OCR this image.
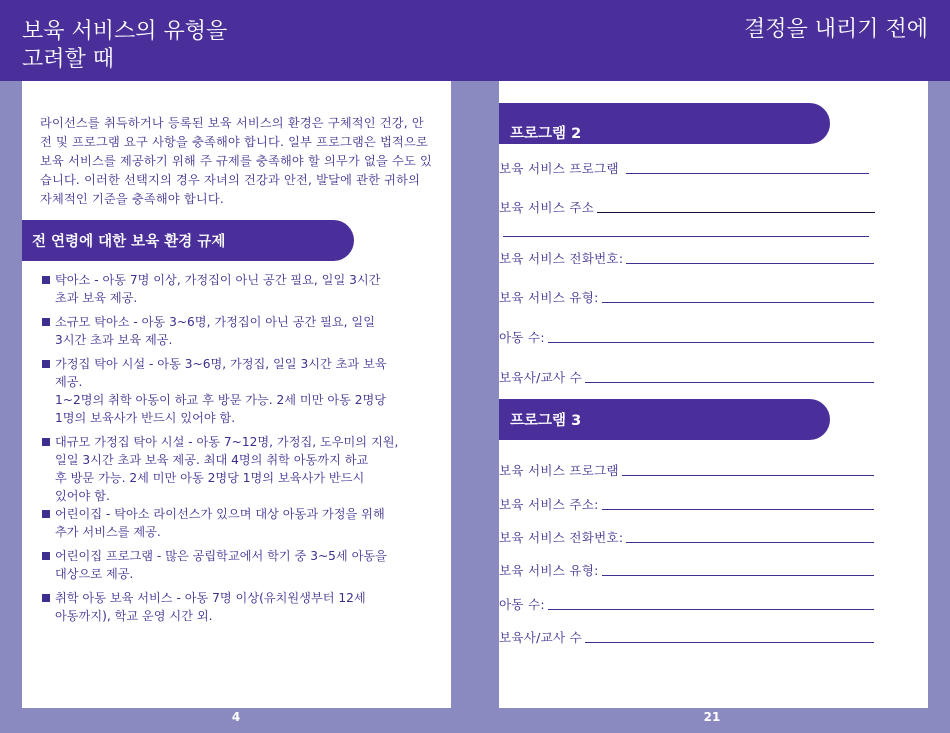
보육 서비스의 유형을
고려할 때
결정을 내리기 전에
라이선스를 취득하거나 등록된 보육 서비스의 환경은 구체적인 건강, 안전 및 프로그램 요구 사항을 충족해야 합니다. 일부 프로그램은 법적으로 보육 서비스를 제공하기 위해 주 규제를 충족해야 할 의무가 없을 수도 있습니다. 이러한 선택지의 경우 자녀의 건강과 안전, 발달에 관한 귀하의 자체적인 기준을 충족해야 합니다.
전 연령에 대한 보육 환경 규제
탁아소 - 아동 7명 이상, 가정집이 아닌 공간 필요, 일일 3시간
초과 보육 제공.
소규모 탁아소 - 아동 3~6명, 가정집이 아닌 공간 필요, 일일
3시간 초과 보육 제공.
가정집 탁아 시설 - 아동 3~6명, 가정집, 일일 3시간 초과 보육
제공.
1~2명의 취학 아동이 하교 후 방문 가능. 2세 미만 아동 2명당
1명의 보육사가 반드시 있어야 함.
대규모 가정집 탁아 시설 - 아동 7~12명, 가정집, 도우미의 지원,
일일 3시간 초과 보육 제공. 최대 4명의 취학 아동까지 하교
후 방문 가능. 2세 미만 아동 2명당 1명의 보육사가 반드시
있어야 함.
어린이집 - 탁아소 라이선스가 있으며 대상 아동과 가정을 위해
추가 서비스를 제공.
어린이집 프로그램 - 많은 공립학교에서 학기 중 3~5세 아동을
대상으로 제공.
취학 아동 보육 서비스 - 아동 7명 이상(유치원생부터 12세
아동까지), 학교 운영 시간 외.
프로그램 2
보육 서비스 프로그램
보육 서비스 주소
보육 서비스 전화번호:
보육 서비스 유형:
아동 수:
보육사/교사 수
프로그램 3
보육 서비스 프로그램
보육 서비스 주소:
보육 서비스 전화번호:
보육 서비스 유형:
아동 수:
보육사/교사 수
4	21
